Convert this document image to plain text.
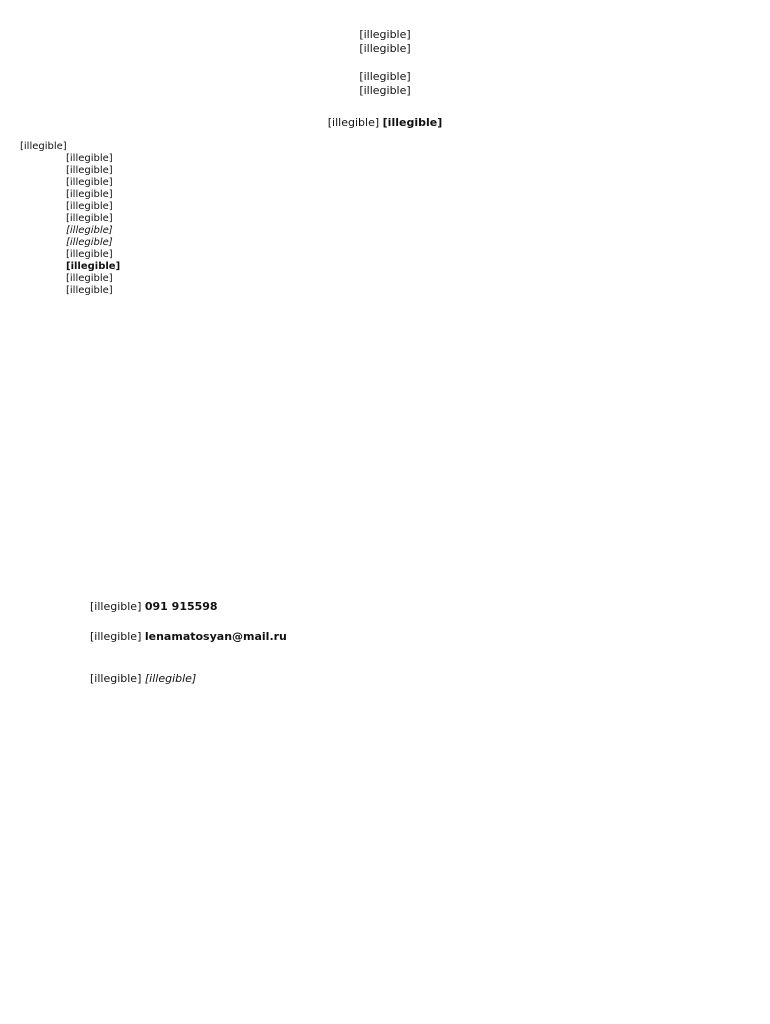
[illegible]
[illegible]
[illegible]
[illegible]
[illegible] [illegible]

[illegible]

[illegible]

[illegible]

[illegible]

[illegible]

[illegible]

[illegible]

[illegible]

[illegible]

[illegible]

[illegible]

[illegible]

[illegible]

[illegible] 091 915598
[illegible] lenamatosyan@mail.ru
[illegible] [illegible]
